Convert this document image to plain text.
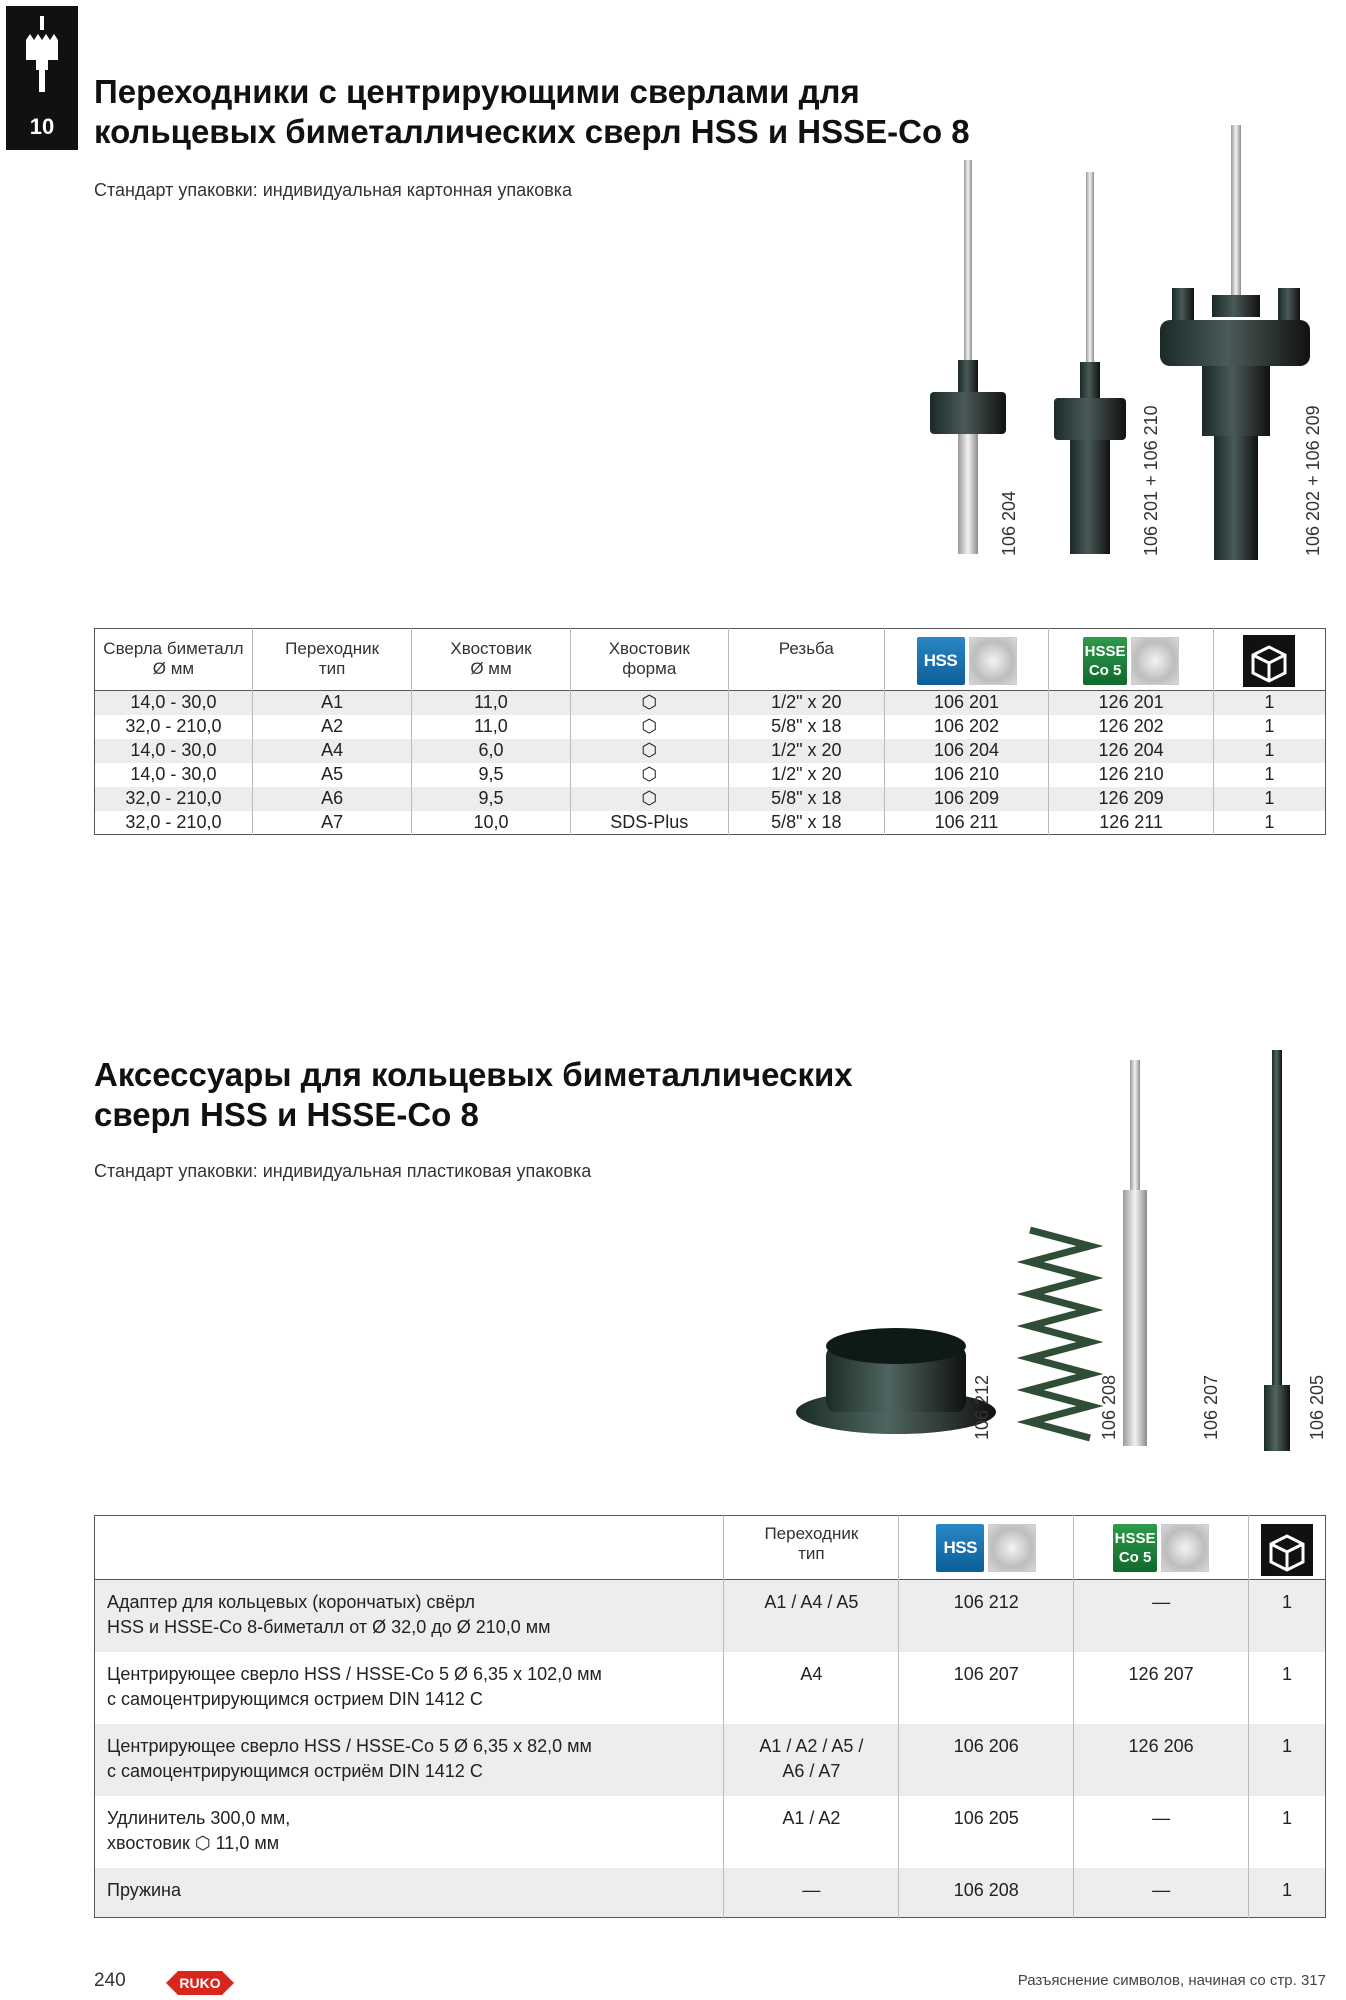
10
Переходники с центрирующими сверлами для
кольцевых биметаллических сверл HSS и HSSE-Co 8
Стандарт упаковки: индивидуальная картонная упаковка
106 204	106 201 + 106 210	106 202 + 106 209
Сверла биметалл
Ø мм	Переходник
тип	Хвостовик
Ø мм	Хвостовик
форма	Резьба	HSS	HSSE
Co 5	
14,0 - 30,0	A1	11,0	⬡	1/2" x 20	106 201	126 201	1
32,0 - 210,0	A2	11,0	⬡	5/8" x 18	106 202	126 202	1
14,0 - 30,0	A4	6,0	⬡	1/2" x 20	106 204	126 204	1
14,0 - 30,0	A5	9,5	⬡	1/2" x 20	106 210	126 210	1
32,0 - 210,0	A6	9,5	⬡	5/8" x 18	106 209	126 209	1
32,0 - 210,0	A7	10,0	SDS-Plus	5/8" x 18	106 211	126 211	1
Аксессуары для кольцевых биметаллических
сверл HSS и HSSE-Co 8
Стандарт упаковки: индивидуальная пластиковая упаковка
106 212	106 208	106 207	106 205
	Переходник
тип	HSS	HSSE
Co 5	
Адаптер для кольцевых (корончатых) свёрл
HSS и HSSE-Co 8-биметалл от Ø 32,0 до Ø 210,0 мм	A1 / A4 / A5	106 212	—	1
Центрирующее сверло HSS / HSSE-Co 5 Ø 6,35 x 102,0 мм
с самоцентрирующимся острием DIN 1412 C	A4	106 207	126 207	1
Центрирующее сверло HSS / HSSE-Co 5 Ø 6,35 x 82,0 мм
с самоцентрирующимся остриём DIN 1412 C	A1 / A2 / A5 /
A6 / A7	106 206	126 206	1
Удлинитель 300,0 мм,
хвостовик ⬡ 11,0 мм	A1 / A2	106 205	—	1
Пружина	—	106 208	—	1
240	RUKO	Разъяснение символов, начиная со стр. 317
